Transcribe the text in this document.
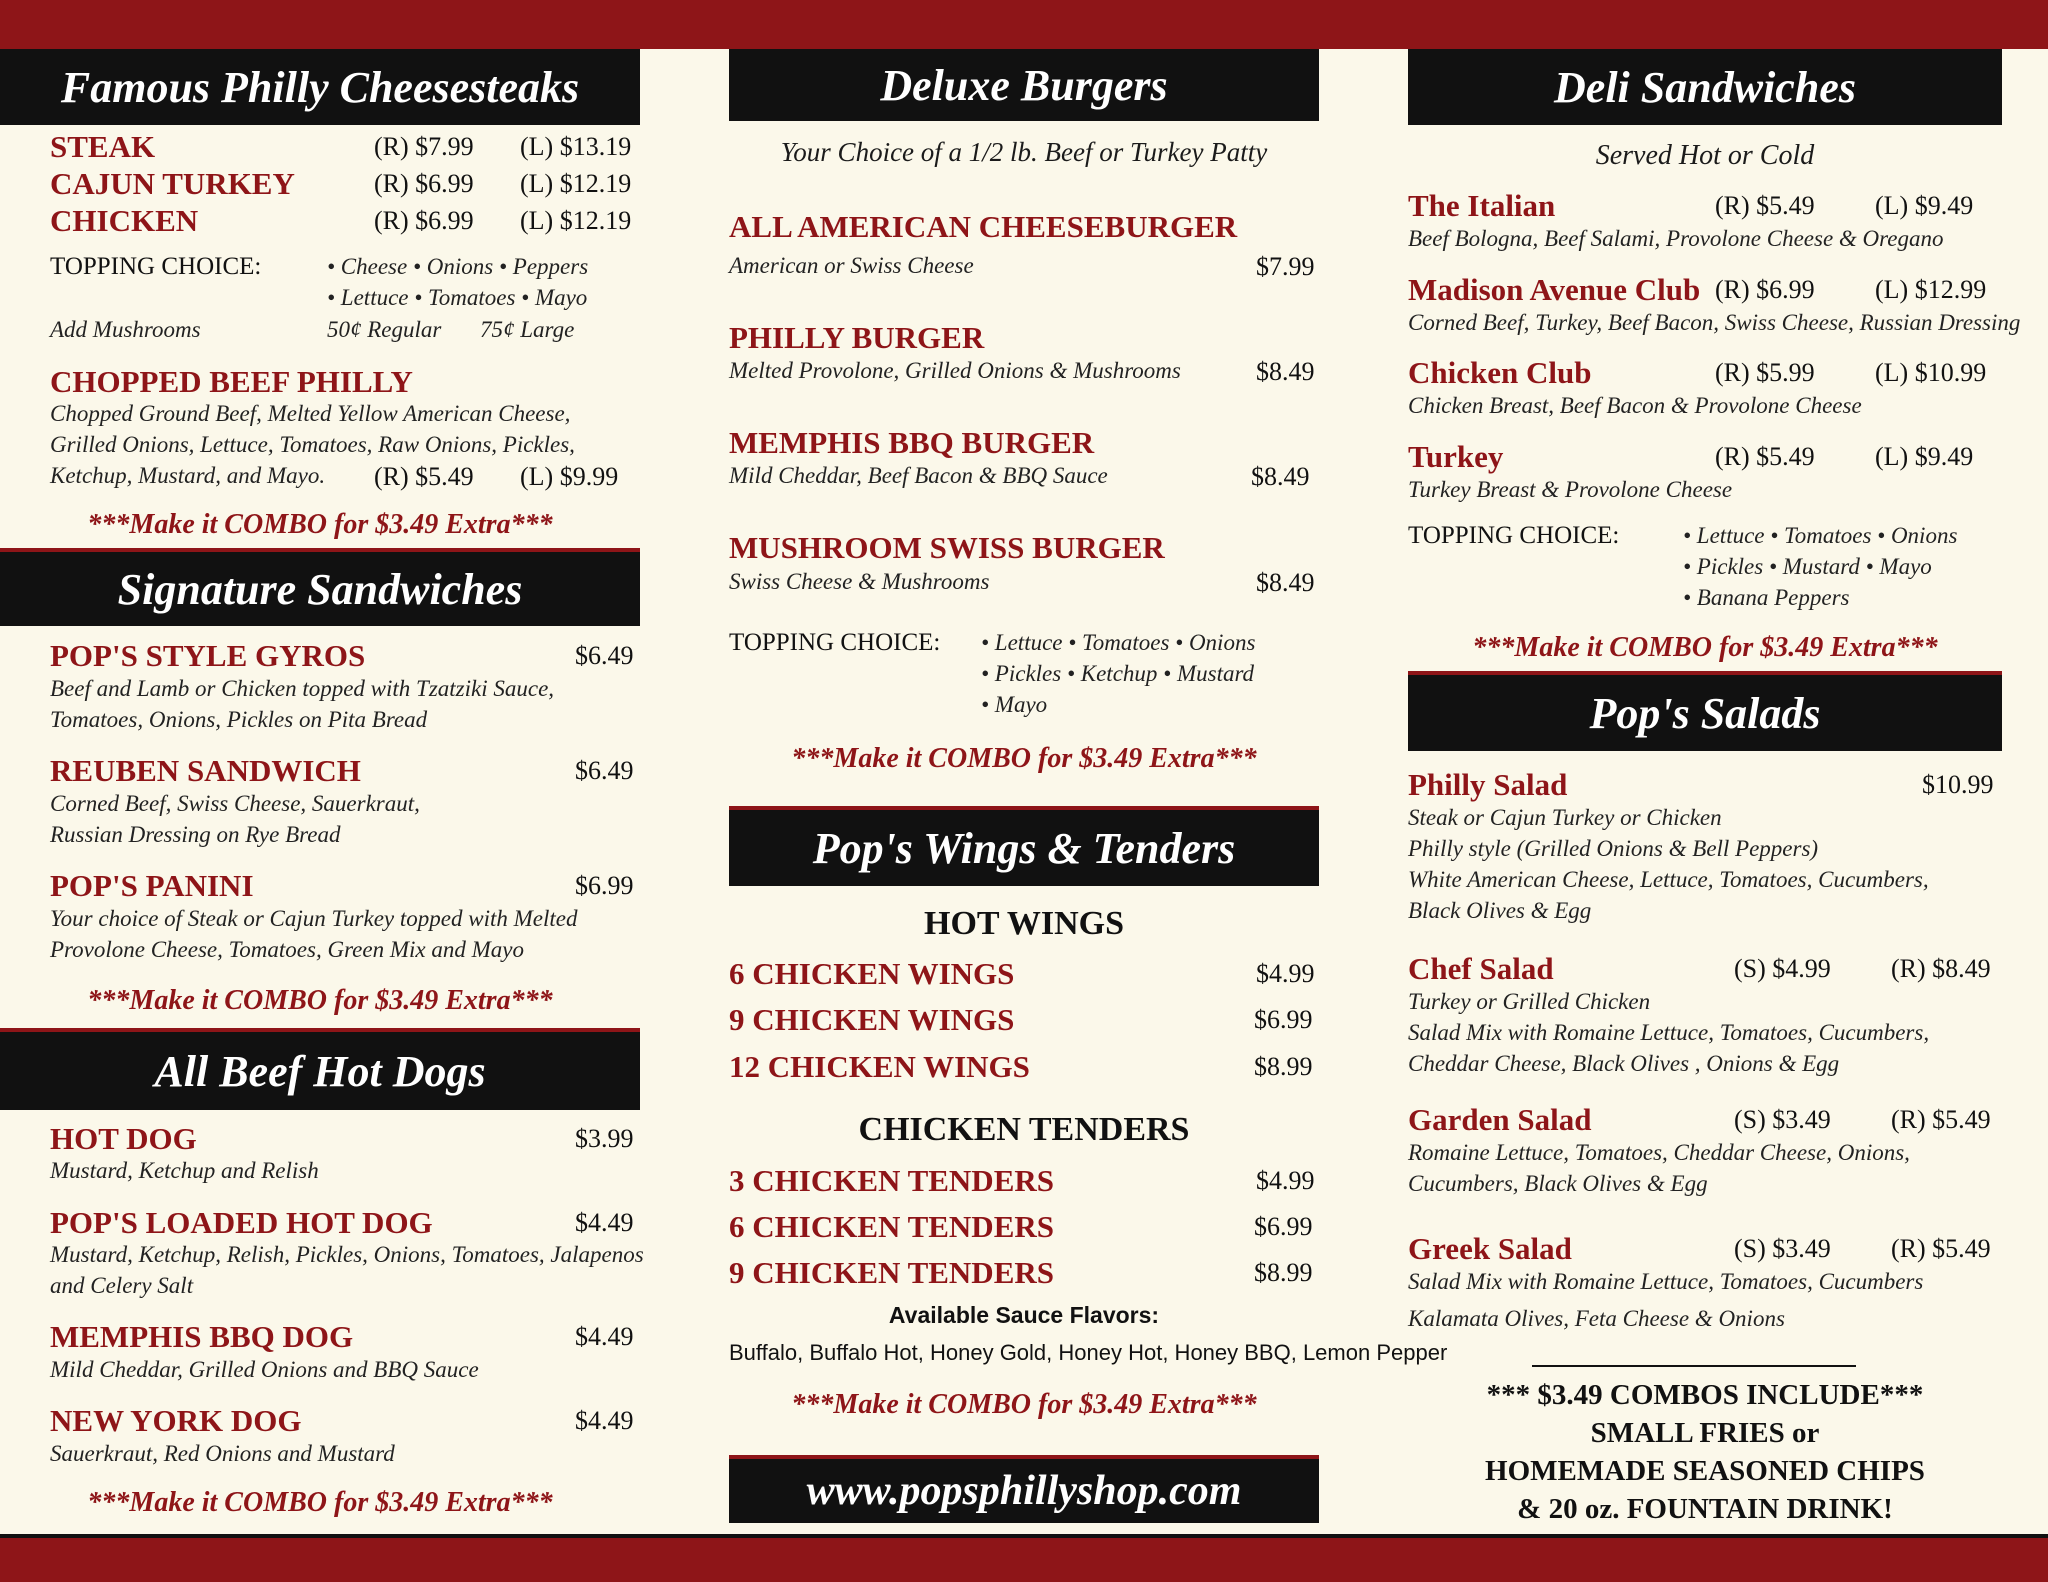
Famous Philly Cheesesteaks
STEAK	(R) $7.99 (L) $13.19
CAJUN TURKEY	(R) $6.99 (L) $12.19
CHICKEN	(R) $6.99 (L) $12.19
TOPPING CHOICE:	• Cheese • Onions • Peppers
• Lettuce • Tomatoes • Mayo
Add Mushrooms	50¢ Regular 75¢ Large
CHOPPED BEEF PHILLY
Chopped Ground Beef, Melted Yellow American Cheese,
Grilled Onions, Lettuce, Tomatoes, Raw Onions, Pickles,
Ketchup, Mustard, and Mayo. (R) $5.49 (L) $9.99
***Make it COMBO for $3.49 Extra***
Signature Sandwiches
POP'S STYLE GYROS	$6.49
Beef and Lamb or Chicken topped with Tzatziki Sauce,
Tomatoes, Onions, Pickles on Pita Bread
REUBEN SANDWICH	$6.49
Corned Beef, Swiss Cheese, Sauerkraut,
Russian Dressing on Rye Bread
POP'S PANINI	$6.99
Your choice of Steak or Cajun Turkey topped with Melted
Provolone Cheese, Tomatoes, Green Mix and Mayo
***Make it COMBO for $3.49 Extra***
All Beef Hot Dogs
HOT DOG	$3.99
Mustard, Ketchup and Relish
POP'S LOADED HOT DOG	$4.49
Mustard, Ketchup, Relish, Pickles, Onions, Tomatoes, Jalapenos
and Celery Salt
MEMPHIS BBQ DOG	$4.49
Mild Cheddar, Grilled Onions and BBQ Sauce
NEW YORK DOG	$4.49
Sauerkraut, Red Onions and Mustard
***Make it COMBO for $3.49 Extra***
Deluxe Burgers
Your Choice of a 1/2 lb. Beef or Turkey Patty
ALL AMERICAN CHEESEBURGER
American or Swiss Cheese	$7.99
PHILLY BURGER
Melted Provolone, Grilled Onions & Mushrooms	$8.49
MEMPHIS BBQ BURGER
Mild Cheddar, Beef Bacon & BBQ Sauce	$8.49
MUSHROOM SWISS BURGER
Swiss Cheese & Mushrooms	$8.49
TOPPING CHOICE: • Lettuce • Tomatoes • Onions
• Pickles • Ketchup • Mustard
• Mayo
***Make it COMBO for $3.49 Extra***
Pop's Wings & Tenders
HOT WINGS
6 CHICKEN WINGS	$4.99
9 CHICKEN WINGS	$6.99
12 CHICKEN WINGS	$8.99
CHICKEN TENDERS
3 CHICKEN TENDERS	$4.99
6 CHICKEN TENDERS	$6.99
9 CHICKEN TENDERS	$8.99
Available Sauce Flavors:
Buffalo, Buffalo Hot, Honey Gold, Honey Hot, Honey BBQ, Lemon Pepper
***Make it COMBO for $3.49 Extra***
www.popsphillyshop.com
Deli Sandwiches
Served Hot or Cold
The Italian	(R) $5.49 (L) $9.49
Beef Bologna, Beef Salami, Provolone Cheese & Oregano
Madison Avenue Club (R) $6.99 (L) $12.99
Corned Beef, Turkey, Beef Bacon, Swiss Cheese, Russian Dressing
Chicken Club	(R) $5.99 (L) $10.99
Chicken Breast, Beef Bacon & Provolone Cheese
Turkey	(R) $5.49 (L) $9.49
Turkey Breast & Provolone Cheese
TOPPING CHOICE:	• Lettuce • Tomatoes • Onions
• Pickles • Mustard • Mayo
• Banana Peppers
***Make it COMBO for $3.49 Extra***
Pop's Salads
Philly Salad	$10.99
Steak or Cajun Turkey or Chicken
Philly style (Grilled Onions & Bell Peppers)
White American Cheese, Lettuce, Tomatoes, Cucumbers,
Black Olives & Egg
Chef Salad	(S) $4.99 (R) $8.49
Turkey or Grilled Chicken
Salad Mix with Romaine Lettuce, Tomatoes, Cucumbers,
Cheddar Cheese, Black Olives , Onions & Egg
Garden Salad	(S) $3.49 (R) $5.49
Romaine Lettuce, Tomatoes, Cheddar Cheese, Onions,
Cucumbers, Black Olives & Egg
Greek Salad	(S) $3.49 (R) $5.49
Salad Mix with Romaine Lettuce, Tomatoes, Cucumbers
Kalamata Olives, Feta Cheese & Onions
*** $3.49 COMBOS INCLUDE***
SMALL FRIES or
HOMEMADE SEASONED CHIPS
& 20 oz. FOUNTAIN DRINK!
